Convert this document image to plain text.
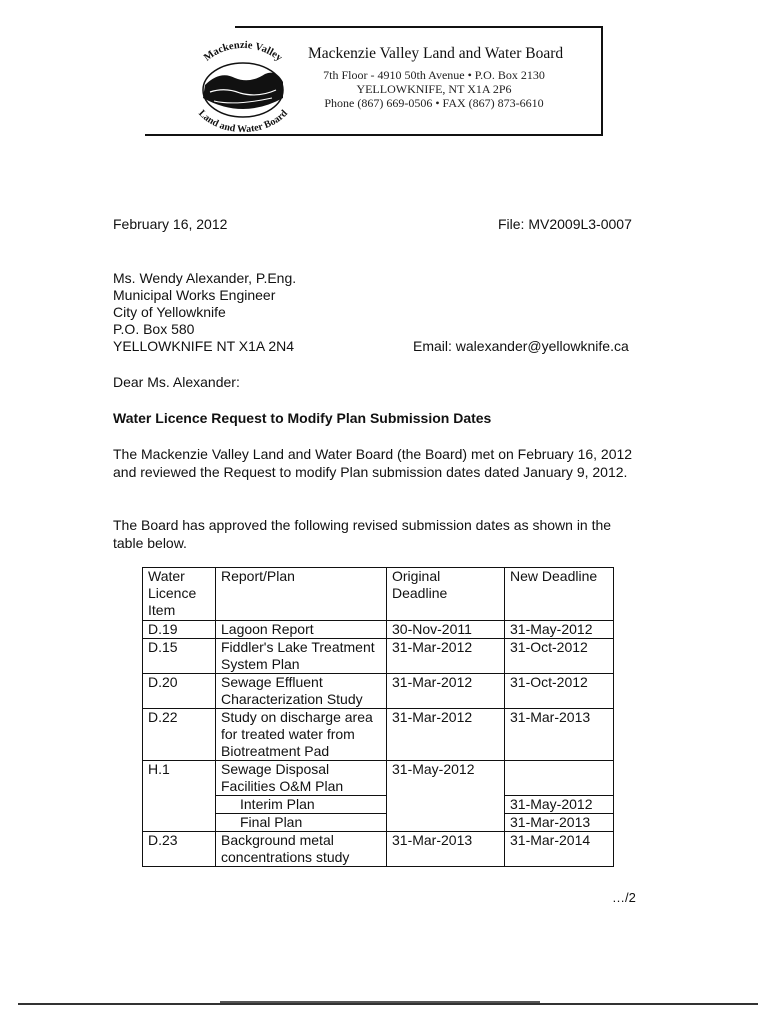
Mackenzie Valley
Land and Water Board
Mackenzie Valley Land and Water Board
7th Floor - 4910 50th Avenue • P.O. Box 2130
YELLOWKNIFE, NT X1A 2P6
Phone (867) 669-0506 • FAX (867) 873-6610
February 16, 2012	File: MV2009L3-0007
Ms. Wendy Alexander, P.Eng.
Municipal Works Engineer
City of Yellowknife
P.O. Box 580
YELLOWKNIFE NT X1A 2N4	Email: walexander@yellowknife.ca
Dear Ms. Alexander:
Water Licence Request to Modify Plan Submission Dates
The Mackenzie Valley Land and Water Board (the Board) met on February 16, 2012 and reviewed the Request to modify Plan submission dates dated January 9, 2012.
The Board has approved the following revised submission dates as shown in the table below.
Water Licence Item	Report/Plan	Original Deadline	New Deadline
D.19	Lagoon Report	30-Nov-2011	31-May-2012
D.15	Fiddler's Lake Treatment System Plan	31-Mar-2012	31-Oct-2012
D.20	Sewage Effluent Characterization Study	31-Mar-2012	31-Oct-2012
D.22	Study on discharge area for treated water from Biotreatment Pad	31-Mar-2012	31-Mar-2013
H.1	Sewage Disposal Facilities O&M Plan	31-May-2012	
	Interim Plan		31-May-2012
	Final Plan		31-Mar-2013
D.23	Background metal concentrations study	31-Mar-2013	31-Mar-2014
…/2
